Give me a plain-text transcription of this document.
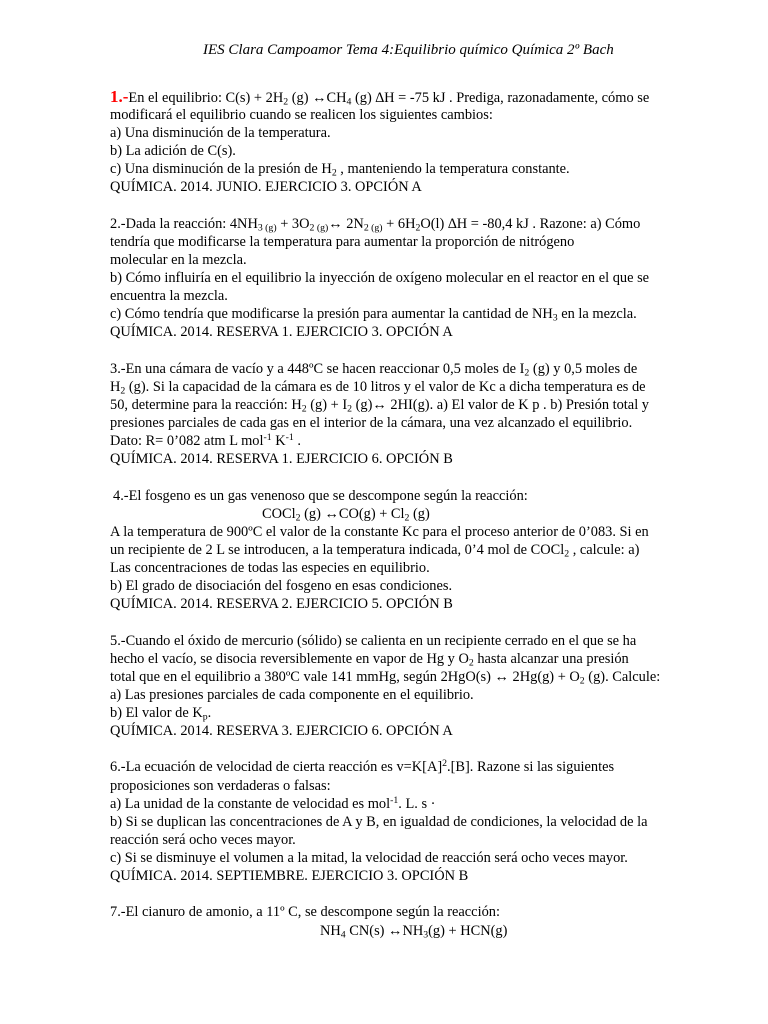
IES Clara Campoamor Tema 4:Equilibrio químico Química 2º Bach
1.-En el equilibrio: $C(s) + 2H_2$ (g) $\leftrightarrow CH_4$ (g) ∆H = -75 kJ . Prediga, razonadamente, cómo se
modificará el equilibrio cuando se realicen los siguientes cambios:
a) Una disminución de la temperatura.
b) La adición de C(s).
c) Una disminución de la presión de $H_2$ , manteniendo la temperatura constante.
QUÍMICA. 2014. JUNIO. EJERCICIO 3. OPCIÓN A
2.-Dada la reacción: $4NH_{3 (g)}$ + $3O_{2 (g)}\leftrightarrow$ $2N_{2 (g)} + 6H_2O(l) \Delta H = -80,4$ kJ . Razone: a) Cómo
tendría que modificarse la temperatura para aumentar la proporción de nitrógeno
molecular en la mezcla.
b) Cómo influiría en el equilibrio la inyección de oxígeno molecular en el reactor en el que se
encuentra la mezcla.
c) Cómo tendría que modificarse la presión para aumentar la cantidad de $NH_3$ en la mezcla.
QUÍMICA. 2014. RESERVA 1. EJERCICIO 3. OPCIÓN A
3.-En una cámara de vacío y a 448ºC se hacen reaccionar 0,5 moles de $I_2$ (g) y 0,5 moles de
$H_2$ (g). Si la capacidad de la cámara es de 10 litros y el valor de Kc a dicha temperatura es de
50, determine para la reacción: $H_2$ $(g) + I_2$ (g)↔ 2HI(g). a) El valor de K p . b) Presión total y
presiones parciales de cada gas en el interior de la cámara, una vez alcanzado el equilibrio.
Dato: R= 0’082 atm L mol$^{-1}$ $K^{-1}$ .
QUÍMICA. 2014. RESERVA 1. EJERCICIO 6. OPCIÓN B
4.-El fosgeno es un gas venenoso que se descompone según la reacción:
COCl$_2$ (g) ↔CO(g) + $Cl_2$ (g)
A la temperatura de 900ºC el valor de la constante Kc para el proceso anterior de 0’083. Si en
un recipiente de 2 L se introducen, a la temperatura indicada, 0’4 mol de COCl$_2$ , calcule: a)
Las concentraciones de todas las especies en equilibrio.
b) El grado de disociación del fosgeno en esas condiciones.
QUÍMICA. 2014. RESERVA 2. EJERCICIO 5. OPCIÓN B
5.-Cuando el óxido de mercurio (sólido) se calienta en un recipiente cerrado en el que se ha
hecho el vacío, se disocia reversiblemente en vapor de Hg y $O_2$ hasta alcanzar una presión
total que en el equilibrio a 380ºC vale 141 mmHg, según 2HgO(s) ↔ $2Hg(g) + O_2$ (g). Calcule:
a) Las presiones parciales de cada componente en el equilibrio.
b) El valor de $K_p$.
QUÍMICA. 2014. RESERVA 3. EJERCICIO 6. OPCIÓN A
6.-La ecuación de velocidad de cierta reacción es $v=K[A]^2.[B]$. Razone si las siguientes
proposiciones son verdaderas o falsas:
a) La unidad de la constante de velocidad es mol$^{-1}$. L. s ·
b) Si se duplican las concentraciones de A y B, en igualdad de condiciones, la velocidad de la
reacción será ocho veces mayor.
c) Si se disminuye el volumen a la mitad, la velocidad de reacción será ocho veces mayor.
QUÍMICA. 2014. SEPTIEMBRE. EJERCICIO 3. OPCIÓN B
7.-El cianuro de amonio, a 11º C, se descompone según la reacción:
$NH_4$ CN(s) $\leftrightarrow NH_3(g) + HCN(g)$
